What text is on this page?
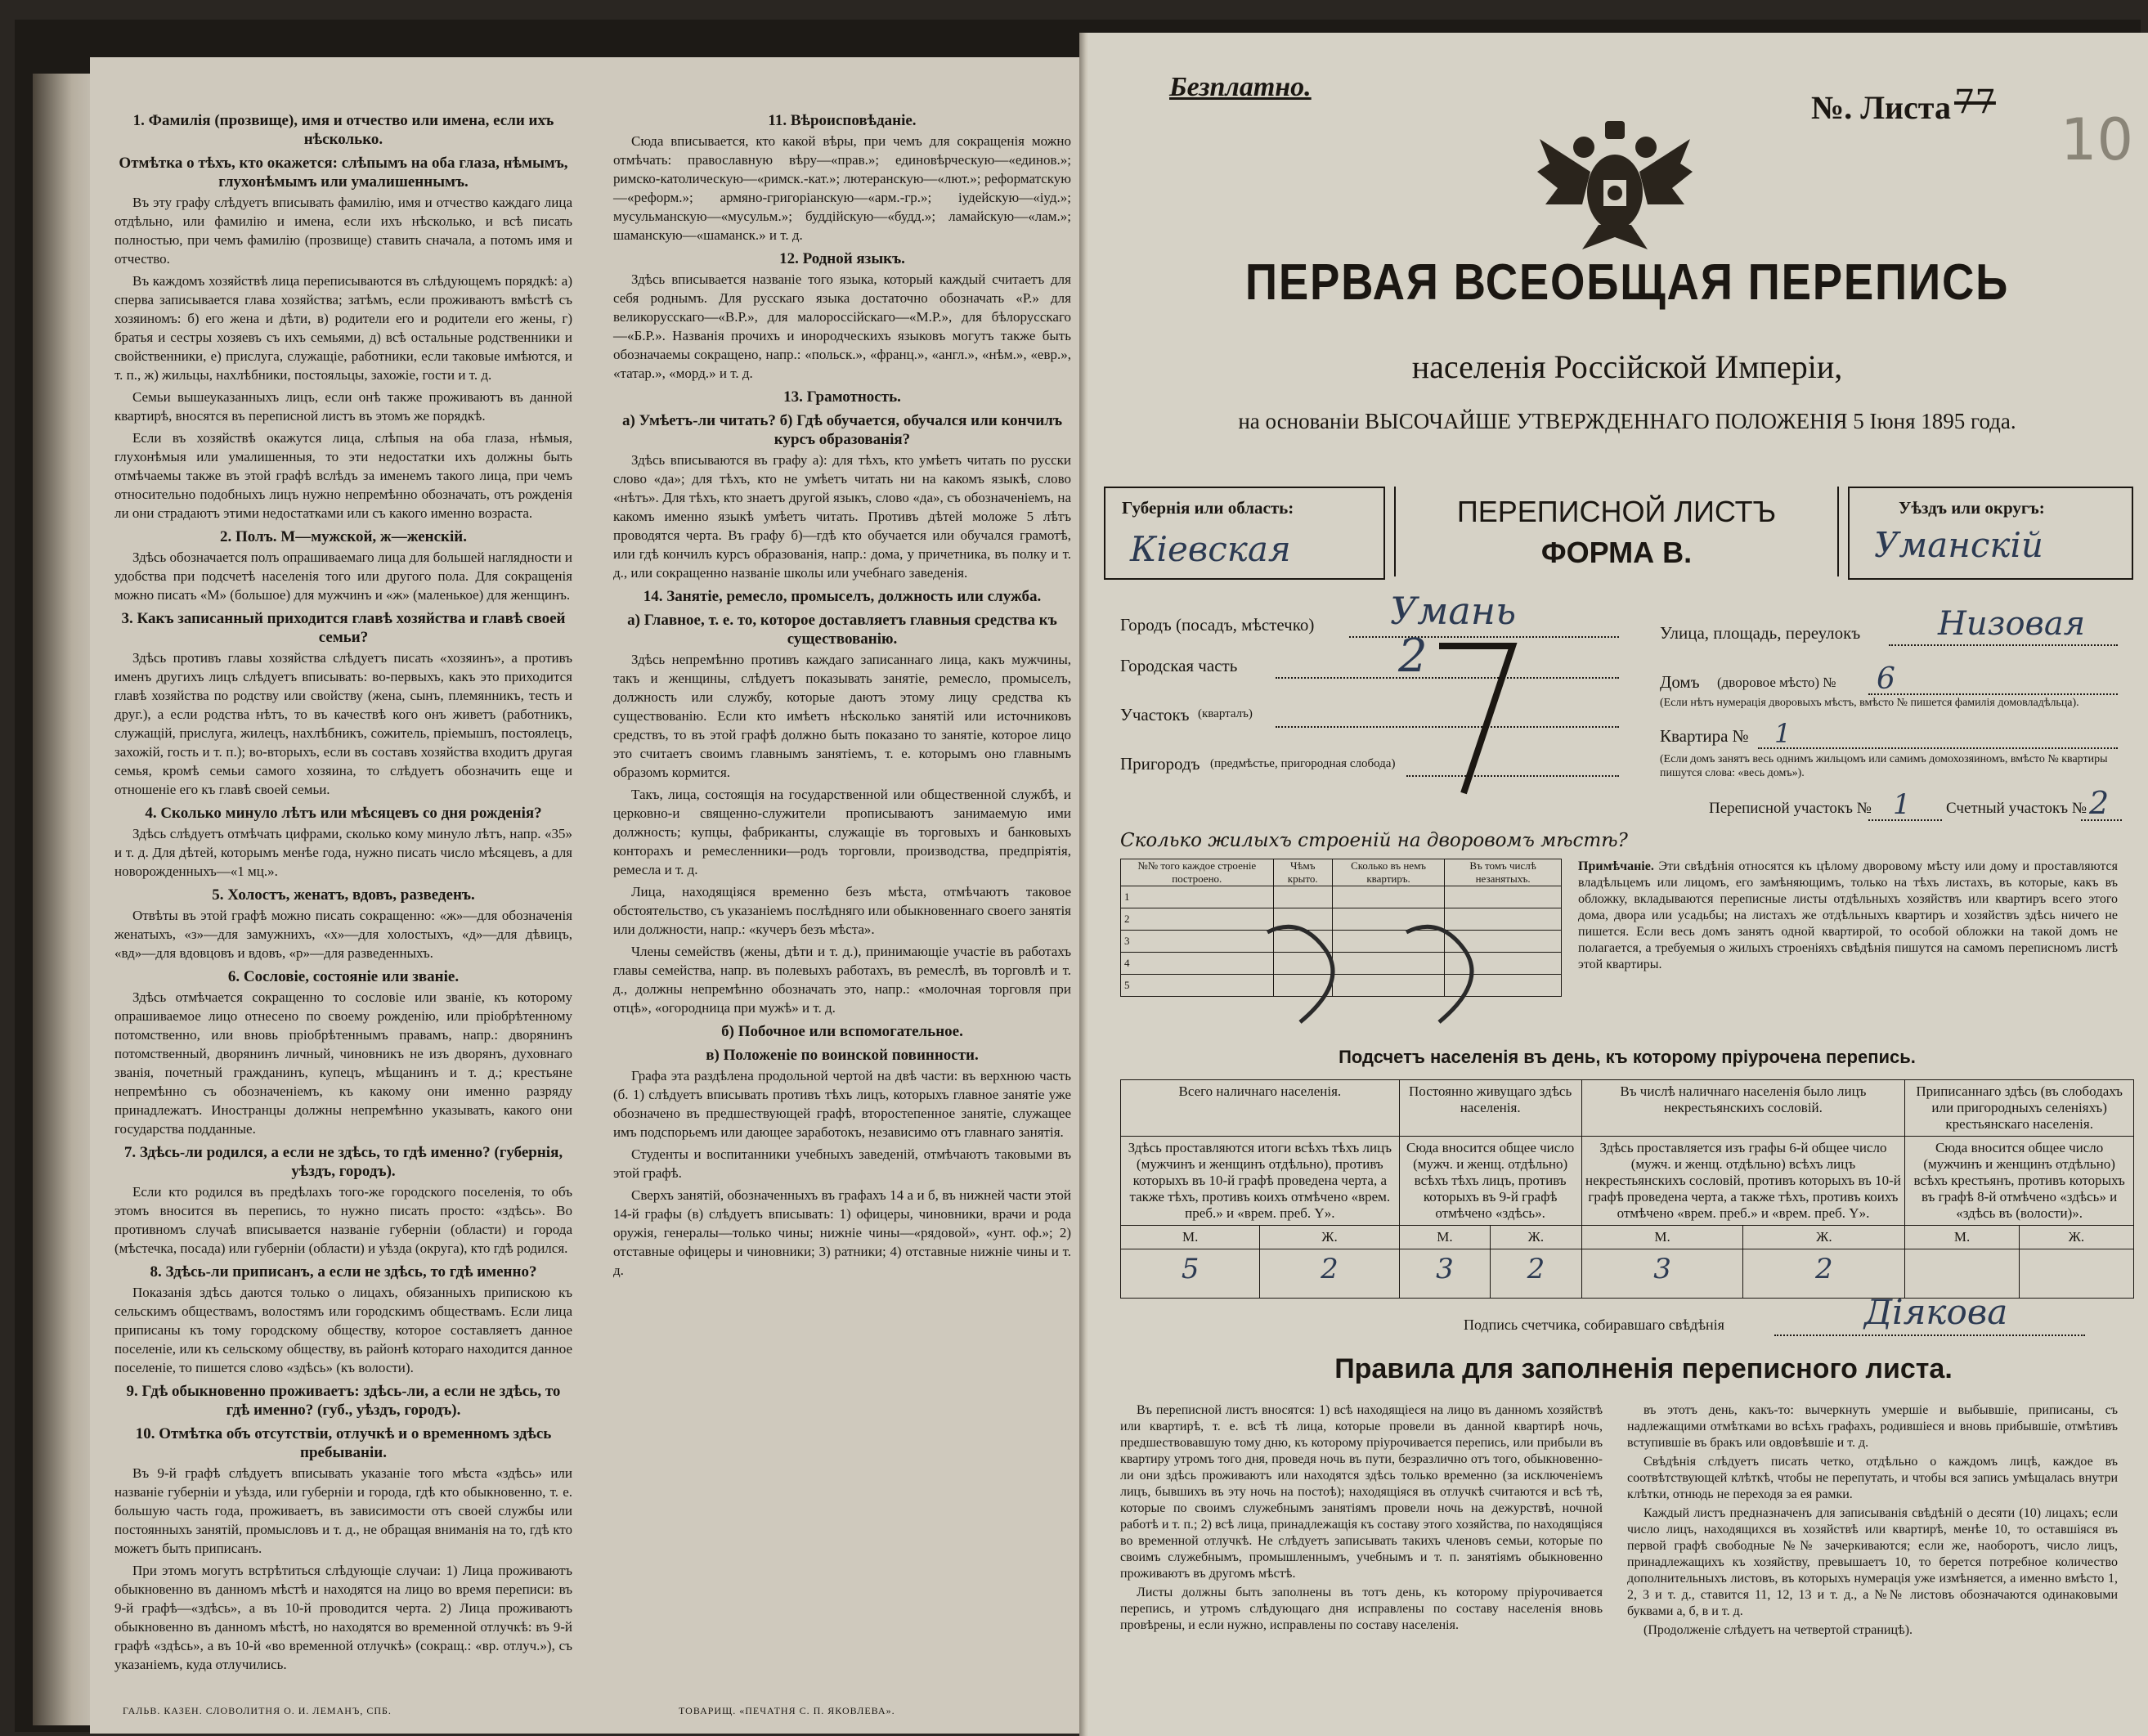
1. Фамилія (прозвище), имя и отчество или имена, если ихъ нѣсколько.
Отмѣтка о тѣхъ, кто окажется: слѣпымъ на оба глаза, нѣмымъ, глухонѣмымъ или умалишеннымъ.

Въ эту графу слѣдуетъ вписывать фамилію, имя и отчество каждаго лица отдѣльно, или фамилію и имена, если ихъ нѣсколько, и всѣ писать полностью, при чемъ фамилію (прозвище) ставить сначала, а потомъ имя и отчество.

Въ каждомъ хозяйствѣ лица переписываются въ слѣдующемъ порядкѣ: а) сперва записывается глава хозяйства; затѣмъ, если проживаютъ вмѣстѣ съ хозяиномъ: б) его жена и дѣти, в) родители его и родители его жены, г) братья и сестры хозяевъ съ ихъ семьями, д) всѣ остальные родственники и свойственники, е) прислуга, служащіе, работники, если таковые имѣются, и т. п., ж) жильцы, нахлѣбники, постояльцы, захожіе, гости и т. д.

Семьи вышеуказанныхъ лицъ, если онѣ также проживаютъ въ данной квартирѣ, вносятся въ переписной листъ въ этомъ же порядкѣ.

Если въ хозяйствѣ окажутся лица, слѣпыя на оба глаза, нѣмыя, глухонѣмыя или умалишенныя, то эти недостатки ихъ должны быть отмѣчаемы также въ этой графѣ вслѣдъ за именемъ такого лица, при чемъ относительно подобныхъ лицъ нужно непремѣнно обозначать, отъ рожденія ли они страдаютъ этими недостатками или съ какого именно возраста.

2. Полъ. М—мужской, ж—женскій.

Здѣсь обозначается полъ опрашиваемаго лица для большей наглядности и удобства при подсчетѣ населенія того или другого пола. Для сокращенія можно писать «М» (большое) для мужчинъ и «ж» (маленькое) для женщинъ.

3. Какъ записанный приходится главѣ хозяйства и главѣ своей семьи?

Здѣсь противъ главы хозяйства слѣдуетъ писать «хозяинъ», а противъ именъ другихъ лицъ слѣдуетъ вписывать: во-первыхъ, какъ это приходится главѣ хозяйства по родству или свойству (жена, сынъ, племянникъ, тесть и друг.), а если родства нѣтъ, то въ качествѣ кого онъ живетъ (работникъ, служащій, прислуга, жилецъ, нахлѣбникъ, сожитель, пріемышъ, постоялецъ, захожій, гость и т. п.); во-вторыхъ, если въ составъ хозяйства входитъ другая семья, кромѣ семьи самого хозяина, то слѣдуетъ обозначить еще и отношеніе его къ главѣ своей семьи.

4. Сколько минуло лѣтъ или мѣсяцевъ со дня рожденія?

Здѣсь слѣдуетъ отмѣчать цифрами, сколько кому минуло лѣтъ, напр. «35» и т. д. Для дѣтей, которымъ менѣе года, нужно писать число мѣсяцевъ, а для новорожденныхъ—«1 мц.».

5. Холостъ, женатъ, вдовъ, разведенъ.

Отвѣты въ этой графѣ можно писать сокращенно: «ж»—для обозначенія женатыхъ, «з»—для замужнихъ, «х»—для холостыхъ, «д»—для дѣвицъ, «вд»—для вдовцовъ и вдовъ, «р»—для разведенныхъ.

6. Сословіе, состояніе или званіе.

Здѣсь отмѣчается сокращенно то сословіе или званіе, къ которому опрашиваемое лицо отнесено по своему рожденію, или пріобрѣтенному потомственно, или вновь пріобрѣтеннымъ правамъ, напр.: дворянинъ потомственный, дворянинъ личный, чиновникъ не изъ дворянъ, духовнаго званія, почетный гражданинъ, купецъ, мѣщанинъ и т. д.; крестьяне непремѣнно съ обозначеніемъ, къ какому они именно разряду принадлежатъ. Иностранцы должны непремѣнно указывать, какого они государства подданные.

7. Здѣсь-ли родился, а если не здѣсь, то гдѣ именно? (губернія, уѣздъ, городъ).

Если кто родился въ предѣлахъ того-же городского поселенія, то объ этомъ вносится въ перепись, то нужно писать просто: «здѣсь». Во противномъ случаѣ вписывается названіе губерніи (области) и города (мѣстечка, посада) или губерніи (области) и уѣзда (округа), кто гдѣ родился.

8. Здѣсь-ли приписанъ, а если не здѣсь, то гдѣ именно?

Показанія здѣсь даются только о лицахъ, обязанныхъ припискою къ сельскимъ обществамъ, волостямъ или городскимъ обществамъ. Если лица приписаны къ тому городскому обществу, которое составляетъ данное поселеніе, или къ сельскому обществу, въ районѣ котораго находится данное поселеніе, то пишется слово «здѣсь» (къ волости).

9. Гдѣ обыкновенно проживаетъ: здѣсь-ли, а если не здѣсь, то гдѣ именно? (губ., уѣздъ, городъ).
10. Отмѣтка объ отсутствіи, отлучкѣ и о временномъ здѣсь пребываніи.

Въ 9-й графѣ слѣдуетъ вписывать указаніе того мѣста «здѣсь» или названіе губерніи и уѣзда, или губерніи и города, гдѣ кто обыкновенно, т. е. большую часть года, проживаетъ, въ зависимости отъ своей службы или постоянныхъ занятій, промысловъ и т. д., не обращая вниманія на то, гдѣ кто можетъ быть приписанъ.

При этомъ могутъ встрѣтиться слѣдующіе случаи: 1) Лица проживаютъ обыкновенно въ данномъ мѣстѣ и находятся на лицо во время переписи: въ 9-й графѣ—«здѣсь», а въ 10-й проводится черта. 2) Лица проживаютъ обыкновенно въ данномъ мѣстѣ, но находятся во временной отлучкѣ: въ 9-й графѣ «здѣсь», а въ 10-й «во временной отлучкѣ» (сокращ.: «вр. отлуч.»), съ указаніемъ, куда отлучились.

11. Вѣроисповѣданіе.

Сюда вписывается, кто какой вѣры, при чемъ для сокращенія можно отмѣчать: православную вѣру—«прав.»; единовѣрческую—«единов.»; римско-католическую—«римск.-кат.»; лютеранскую—«лют.»; реформатскую—«реформ.»; армяно-григоріанскую—«арм.-гр.»; іудейскую—«іуд.»; мусульманскую—«мусульм.»; буддійскую—«будд.»; ламайскую—«лам.»; шаманскую—«шаманск.» и т. д.

12. Родной языкъ.

Здѣсь вписывается названіе того языка, который каждый считаетъ для себя роднымъ. Для русскаго языка достаточно обозначать «Р.» для великорусскаго—«В.Р.», для малороссійскаго—«М.Р.», для бѣлорусскаго—«Б.Р.». Названія прочихъ и инородческихъ языковъ могутъ также быть обозначаемы сокращено, напр.: «польск.», «франц.», «англ.», «нѣм.», «евр.», «татар.», «морд.» и т. д.

13. Грамотность.
а) Умѣетъ-ли читать? б) Гдѣ обучается, обучался или кончилъ курсъ образованія?

Здѣсь вписываются въ графу а): для тѣхъ, кто умѣетъ читать по русски слово «да»; для тѣхъ, кто не умѣетъ читать ни на какомъ языкѣ, слово «нѣтъ». Для тѣхъ, кто знаетъ другой языкъ, слово «да», съ обозначеніемъ, на какомъ именно языкѣ умѣетъ читать. Противъ дѣтей моложе 5 лѣтъ проводятся черта. Въ графу б)—гдѣ кто обучается или обучался грамотѣ, или гдѣ кончилъ курсъ образованія, напр.: дома, у причетника, въ полку и т. д., или сокращенно названіе школы или учебнаго заведенія.

14. Занятіе, ремесло, промыселъ, должность или служба.
а) Главное, т. е. то, которое доставляетъ главныя средства къ существованію.

Здѣсь непремѣнно противъ каждаго записаннаго лица, какъ мужчины, такъ и женщины, слѣдуетъ показывать занятіе, ремесло, промыселъ, должность или службу, которые даютъ этому лицу средства къ существованію. Если кто имѣетъ нѣсколько занятій или источниковъ средствъ, то въ этой графѣ должно быть показано то занятіе, которое лицо это считаетъ своимъ главнымъ занятіемъ, т. е. которымъ оно главнымъ образомъ кормится.

Такъ, лица, состоящія на государственной или общественной службѣ, и церковно-и священно-служители прописываютъ занимаемую ими должность; купцы, фабриканты, служащіе въ торговыхъ и банковыхъ конторахъ и ремесленники—родъ торговли, производства, предпріятія, ремесла и т. д.

Лица, находящіяся временно безъ мѣста, отмѣчаютъ таковое обстоятельство, съ указаніемъ послѣдняго или обыкновеннаго своего занятія или должности, напр.: «кучеръ безъ мѣста».

Члены семействъ (жены, дѣти и т. д.), принимающіе участіе въ работахъ главы семейства, напр. въ полевыхъ работахъ, въ ремеслѣ, въ торговлѣ и т. д., должны непремѣнно обозначать это, напр.: «молочная торговля при отцѣ», «огородница при мужѣ» и т. д.

б) Побочное или вспомогательное.
в) Положеніе по воинской повинности.

Графа эта раздѣлена продольной чертой на двѣ части: въ верхнюю часть (б. 1) слѣдуетъ вписывать противъ тѣхъ лицъ, которыхъ главное занятіе уже обозначено въ предшествующей графѣ, второстепенное занятіе, служащее имъ подспорьемъ или дающее заработокъ, независимо отъ главнаго занятія.

Студенты и воспитанники учебныхъ заведеній, отмѣчаютъ таковыми въ этой графѣ.

Сверхъ занятій, обозначенныхъ въ графахъ 14 а и б, въ нижней части этой 14-й графы (в) слѣдуетъ вписывать: 1) офицеры, чиновники, врачи и рода оружія, генералы—только чины; нижніе чины—«рядовой», «унт. оф.»; 2) отставные офицеры и чиновники; 3) ратники; 4) отставные нижніе чины и т. д.

ГАЛЬВ. КАЗЕН. СЛОВОЛИТНЯ О. И. ЛЕМАНЪ, СПБ.	ТОВАРИЩ. «ПЕЧАТНЯ С. П. ЯКОВЛЕВА».
Безплатно.
№. Листа 77
10
ПЕРВАЯ ВСЕОБЩАЯ ПЕРЕПИСЬ
населенія Россійской Имперіи,
на основаніи ВЫСОЧАЙШЕ УТВЕРЖДЕННАГО ПОЛОЖЕНІЯ 5 Іюня 1895 года.
Губернія или область:
Кіевская
ПЕРЕПИСНОЙ ЛИСТЪ
ФОРМА В.
Уѣздъ или округъ:
Уманскій
Городъ (посадъ, мѣстечко) Умань
Городская часть	2
Участокъ (кварталъ)
Пригородъ (предмѣстье, пригородная слобода)
Улица, площадь, переулокъ Низовая
Домъ (дворовое мѣсто) № 6
(Если нѣтъ нумерація дворовыхъ мѣстъ, вмѣсто № пишется фамилія домовладѣльца).
Квартира № 1
(Если домъ занятъ весь однимъ жильцомъ или самимъ домохозяиномъ, вмѣсто № квартиры пишутся слова: «весь домъ»).
Переписной участокъ № 1 Счетный участокъ № 2
Сколько жилыхъ строеній на дворовомъ мѣстѣ?
№№ того каждое строеніе построено.	Чѣмъ крыто.	Сколько въ немъ квартиръ.	Въ томъ числѣ незанятыхъ.
1			
2			
3			
4			
5			
Примѣчаніе. Эти свѣдѣнія относятся къ цѣлому дворовому мѣсту или дому и проставляются владѣльцемъ или лицомъ, его замѣняющимъ, только на тѣхъ листахъ, въ которые, какъ въ обложку, вкладываются переписные листы отдѣльныхъ хозяйствъ или квартиръ всего этого дома, двора или усадьбы; на листахъ же отдѣльныхъ квартиръ и хозяйствъ здѣсь ничего не пишется. Если весь домъ занятъ одной квартирой, то особой обложки на такой домъ не полагается, а требуемыя о жилыхъ строеніяхъ свѣдѣнія пишутся на самомъ переписномъ листѣ этой квартиры.
Подсчетъ населенія въ день, къ которому пріурочена перепись.
Всего наличнаго населенія.		Постоянно живущаго здѣсь населенія.		Въ числѣ наличнаго населенія было лицъ некрестьянскихъ сословій.		Приписаннаго здѣсь (въ слободахъ или пригородныхъ селеніяхъ) крестьянскаго населенія.	
Здѣсь проставляются итоги всѣхъ тѣхъ лицъ (мужчинъ и женщинъ отдѣльно), противъ которыхъ въ 10-й графѣ проведена черта, а также тѣхъ, противъ коихъ отмѣчено «врем. преб.» и «врем. преб. Y».		Сюда вносится общее число (мужч. и женщ. отдѣльно) всѣхъ тѣхъ лицъ, противъ которыхъ въ 9-й графѣ отмѣчено «здѣсь».		Здѣсь проставляется изъ графы 6-й общее число (мужч. и женщ. отдѣльно) всѣхъ лицъ некрестьянскихъ сословій, противъ которыхъ въ 10-й графѣ проведена черта, а также тѣхъ, противъ коихъ отмѣчено «врем. преб.» и «врем. преб. Y».		Сюда вносится общее число (мужчинъ и женщинъ отдѣльно) всѣхъ крестьянъ, противъ которыхъ въ графѣ 8-й отмѣчено «здѣсь» и «здѣсь въ (волости)».	
М.	Ж.	М.	Ж.	М.	Ж.	М.	Ж.
5	2	3	2	3	2		
Подпись счетчика, собиравшаго свѣдѣнія	Діякова
Правила для заполненія переписного листа.

Въ переписной листъ вносятся: 1) всѣ находящіеся на лицо въ данномъ хозяйствѣ или квартирѣ, т. е. всѣ тѣ лица, которые провели въ данной квартирѣ ночь, предшествовавшую тому дню, къ которому пріурочивается перепись, или прибыли въ квартиру утромъ того дня, проведя ночь въ пути, безразлично отъ того, обыкновенно-ли они здѣсь проживаютъ или находятся здѣсь только временно (за исключеніемъ лицъ, бывшихъ въ эту ночь на постоѣ); находящіяся въ отлучкѣ считаются и всѣ тѣ, которые по своимъ служебнымъ занятіямъ провели ночь на дежурствѣ, ночной работѣ и т. п.; 2) всѣ лица, принадлежащія къ составу этого хозяйства, по находящіяся во временной отлучкѣ. Не слѣдуетъ записывать такихъ членовъ семьи, которые по своимъ служебнымъ, промышленнымъ, учебнымъ и т. п. занятіямъ обыкновенно проживаютъ въ другомъ мѣстѣ.

Листы должны быть заполнены въ тотъ день, къ которому пріурочивается перепись, и утромъ слѣдующаго дня исправлены по составу населенія вновь провѣрены, и если нужно, исправлены по составу населенія.

въ этотъ день, какъ-то: вычеркнуть умершіе и выбывшіе, приписаны, съ надлежащими отмѣтками во всѣхъ графахъ, родившіеся и вновь прибывшіе, отмѣтивъ вступившіе въ бракъ или овдовѣвшіе и т. д.

Свѣдѣнія слѣдуетъ писать четко, отдѣльно о каждомъ лицѣ, каждое въ соотвѣтствующей клѣткѣ, чтобы не перепутать, и чтобы вся запись умѣщалась внутри клѣтки, отнюдь не переходя за ея рамки.

Каждый листъ предназначенъ для записыванія свѣдѣній о десяти (10) лицахъ; если число лицъ, находящихся въ хозяйствѣ или квартирѣ, менѣе 10, то оставшіяся въ первой графѣ свободные №№ зачеркиваются; если же, наоборотъ, число лицъ, принадлежащихъ къ хозяйству, превышаетъ 10, то берется потребное количество дополнительныхъ листовъ, въ которыхъ нумерація уже измѣняется, а именно вмѣсто 1, 2, 3 и т. д., ставится 11, 12, 13 и т. д., а №№ листовъ обозначаются одинаковыми буквами а, б, в и т. д.

(Продолженіе слѣдуетъ на четвертой страницѣ).
